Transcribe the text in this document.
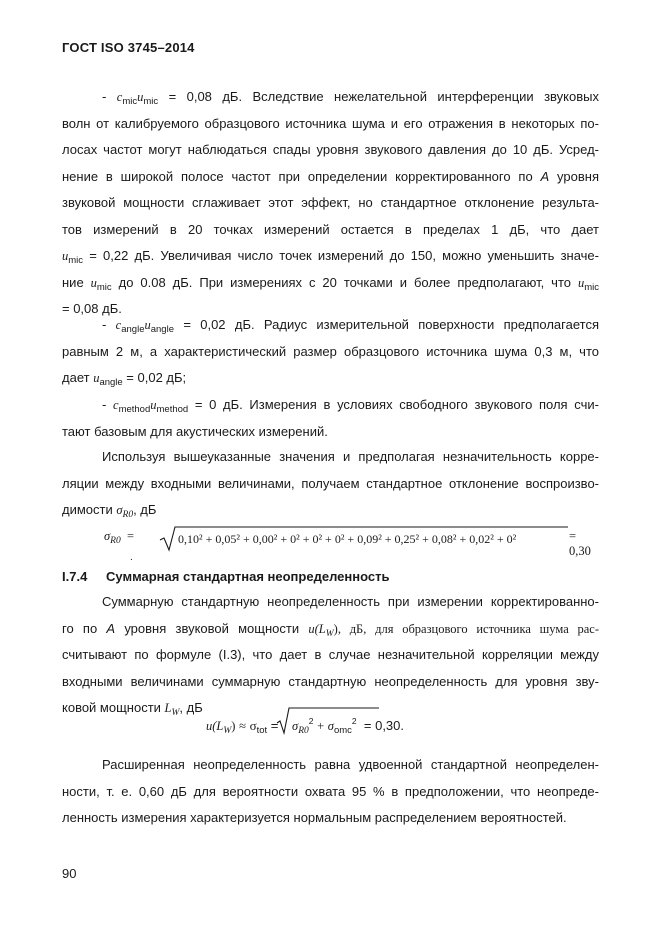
ГОСТ ISO 3745–2014
- $c_{mic}u_{mic} = 0,08$ дБ. Вследствие нежелательной интерференции звуковых
волн от калибруемого образцового источника шума и его отражения в некоторых по-
лосах частот могут наблюдаться спады уровня звукового давления до 10 дБ. Усред-
нение в широкой полосе частот при определении корректированного по A уровня
звуковой мощности сглаживает этот эффект, но стандартное отклонение результа-
тов измерений в 20 точках измерений остается в пределах 1 дБ, что дает
$u_{mic} = 0,22$ дБ. Увеличивая число точек измерений до 150, можно уменьшить значе-
ние $u_{mic}$ до 0.08 дБ. При измерениях с 20 точками и более предполагают, что $u_{mic}$
= 0,08 дБ.
- $c_{angle}u_{angle} = 0,02$ дБ. Радиус измерительной поверхности предполагается
равным 2 м, а характеристический размер образцового источника шума 0,3 м, что
дает $u_{angle} = 0,02$ дБ;
- $c_{method}u_{method} = 0$ дБ. Измерения в условиях свободного звукового поля счи-
тают базовым для акустических измерений.
Используя вышеуказанные значения и предполагая незначительность корре-
ляции между входными величинами, получаем стандартное отклонение воспроизво-
димости $\sigma_{R0}$, дБ
$\sigma_{R0}$ =	0,10² + 0,05² + 0,00² + 0² + 0² + 0² + 0,09² + 0,25² + 0,08² + 0,02² + 0²	= 0,30
.
I.7.4 Суммарная стандартная неопределенность
Суммарную стандартную неопределенность при измерении корректированно-
го по A уровня звуковой мощности $u(L_W)$, дБ, для образцового источника шума рас-
считывают по формуле (I.3), что дает в случае незначительной корреляции между
входными величинами суммарную стандартную неопределенность для уровня зву-
ковой мощности $L_W$, дБ
$u(L_W) \approx \sigma_{tot} = \sigma_{R0}^2 + \sigma_{omc}^2 = 0,30$.
Расширенная неопределенность равна удвоенной стандартной неопределен-
ности, т. е. 0,60 дБ для вероятности охвата 95 % в предположении, что неопреде-
ленность измерения характеризуется нормальным распределением вероятностей.
90
